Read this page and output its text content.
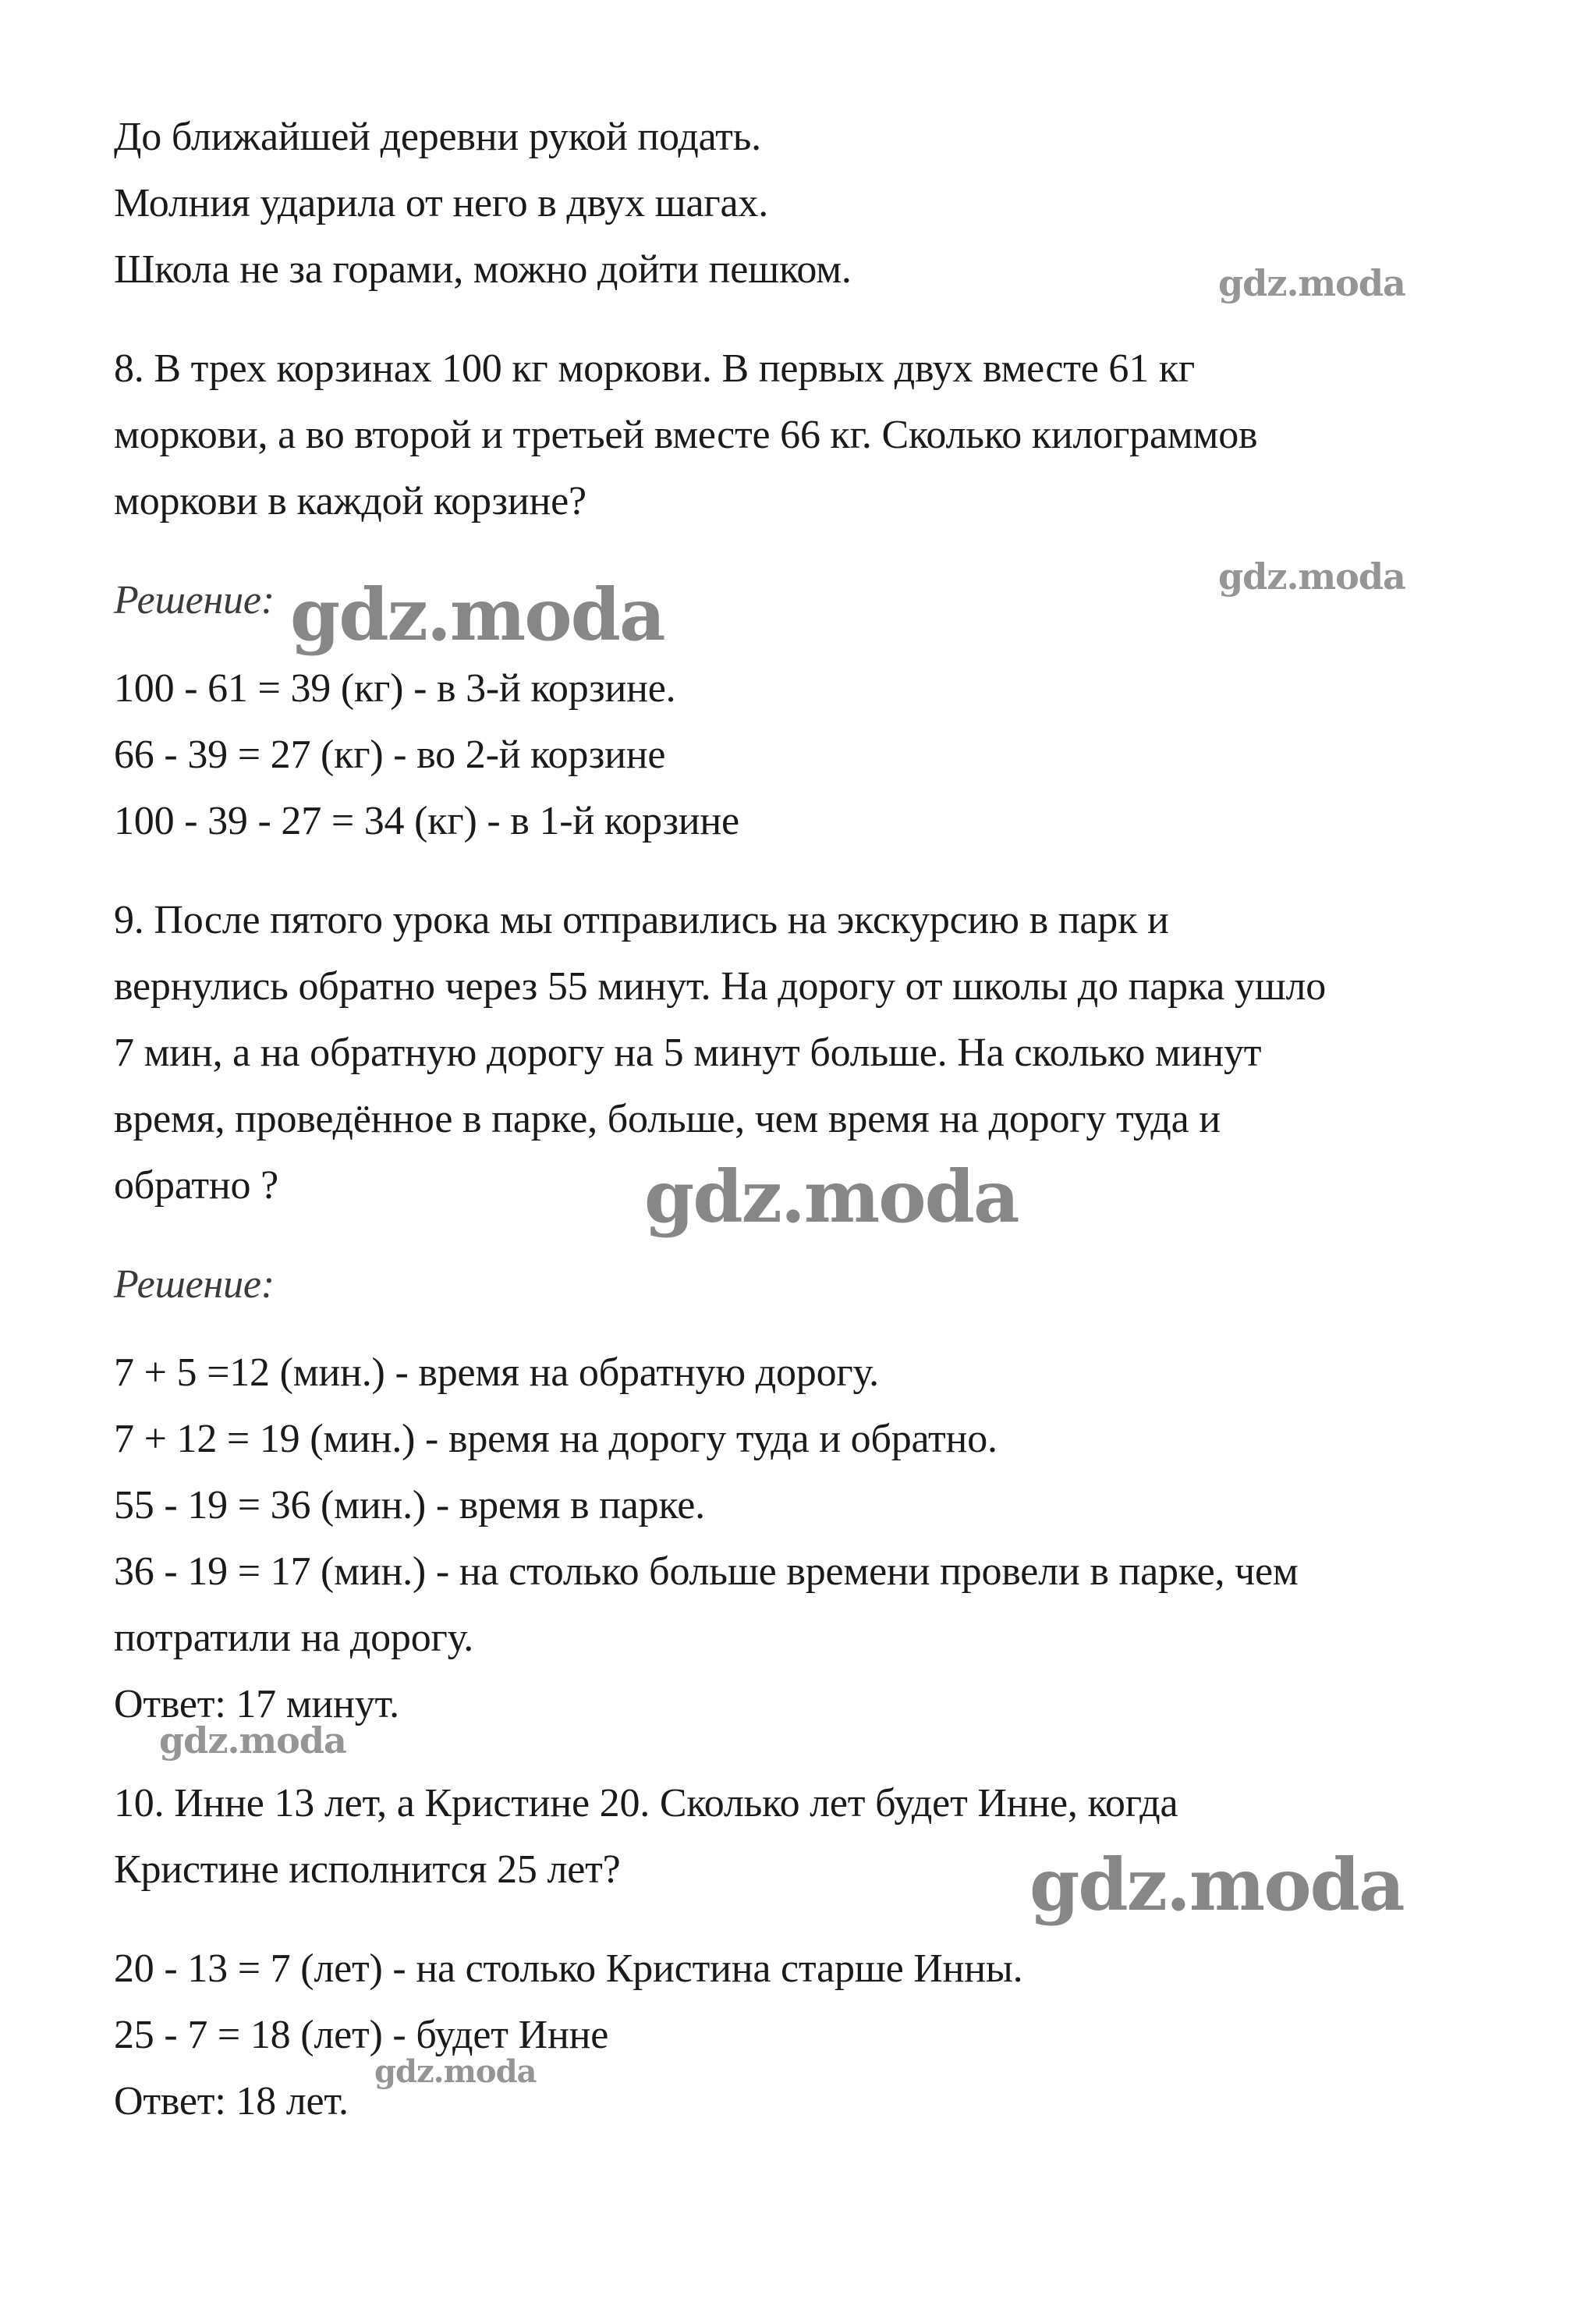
До ближайшей деревни рукой подать.
Молния ударила от него в двух шагах.
Школа не за горами, можно дойти пешком.
8. В трех корзинах 100 кг моркови. В первых двух вместе 61 кг
моркови, а во второй и третьей вместе 66 кг. Сколько килограммов
моркови в каждой корзине?
Решение:
100 - 61 = 39 (кг) - в 3-й корзине.
66 - 39 = 27 (кг) - во 2-й корзине
100 - 39 - 27 = 34 (кг) - в 1-й корзине
9. После пятого урока мы отправились на экскурсию в парк и
вернулись обратно через 55 минут. На дорогу от школы до парка ушло
7 мин, а на обратную дорогу на 5 минут больше. На сколько минут
время, проведённое в парке, больше, чем время на дорогу туда и
обратно ?
Решение:
7 + 5 =12 (мин.) - время на обратную дорогу.
7 + 12 = 19 (мин.) - время на дорогу туда и обратно.
55 - 19 = 36 (мин.) - время в парке.
36 - 19 = 17 (мин.) - на столько больше времени провели в парке, чем
потратили на дорогу.
Ответ: 17 минут.
10. Инне 13 лет, а Кристине 20. Сколько лет будет Инне, когда
Кристине исполнится 25 лет?
20 - 13 = 7 (лет) - на столько Кристина старше Инны.
25 - 7 = 18 (лет) - будет Инне
Ответ: 18 лет.
gdz.moda
gdz.moda
gdz.moda
gdz.moda
gdz.moda
gdz.moda
gdz.moda
